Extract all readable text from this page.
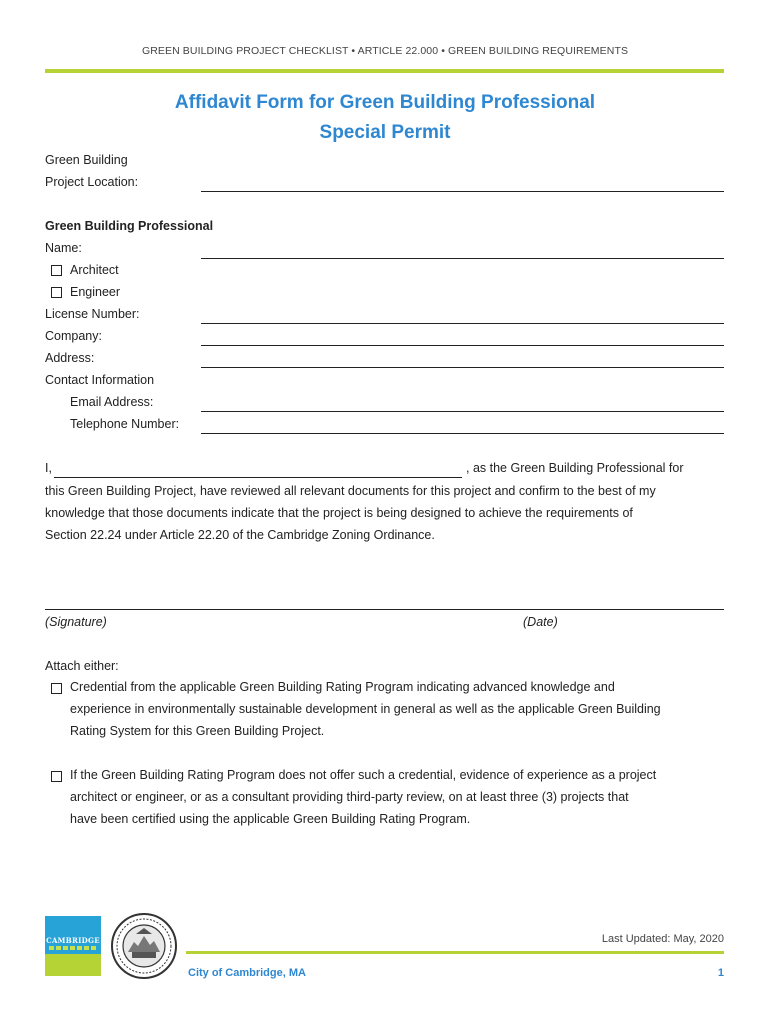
GREEN BUILDING PROJECT CHECKLIST • ARTICLE 22.000 • GREEN BUILDING REQUIREMENTS
Affidavit Form for Green Building Professional
Special Permit
Green Building
Project Location:
Green Building Professional
Name:
Architect
Engineer
License Number:
Company:
Address:
Contact Information
Email Address:
Telephone Number:
I,	, as the Green Building Professional for
this Green Building Project, have reviewed all relevant documents for this project and confirm to the best of my
knowledge that those documents indicate that the project is being designed to achieve the requirements of
Section 22.24 under Article 22.20 of the Cambridge Zoning Ordinance.
(Signature)	(Date)
Attach either:
Credential from the applicable Green Building Rating Program indicating advanced knowledge and
experience in environmentally sustainable development in general as well as the applicable Green Building
Rating System for this Green Building Project.
If the Green Building Rating Program does not offer such a credential, evidence of experience as a project
architect or engineer, or as a consultant providing third-party review, on at least three (3) projects that
have been certified using the applicable Green Building Rating Program.
CAMBRIDGE	Last Updated: May, 2020
City of Cambridge, MA	1
